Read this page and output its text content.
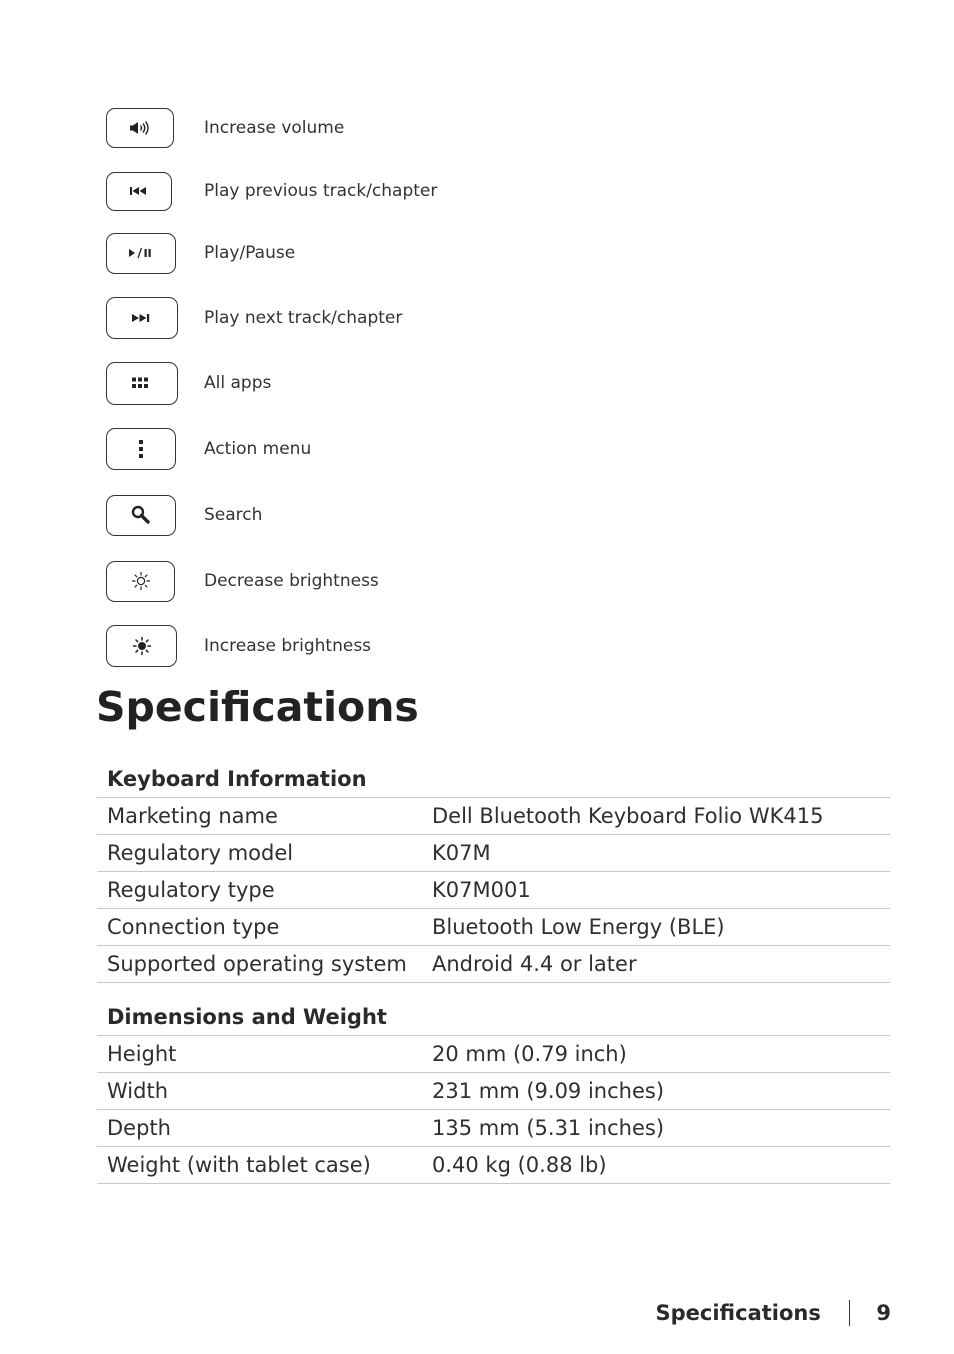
Increase volume
Play previous track/chapter
Play/Pause
Play next track/chapter
All apps
Action menu
Search
Decrease brightness
Increase brightness
Specifications
Keyboard Information
Marketing name	Dell Bluetooth Keyboard Folio WK415
Regulatory model	K07M
Regulatory type	K07M001
Connection type	Bluetooth Low Energy (BLE)
Supported operating system	Android 4.4 or later
Dimensions and Weight
Height	20 mm (0.79 inch)
Width	231 mm (9.09 inches)
Depth	135 mm (5.31 inches)
Weight (with tablet case)	0.40 kg (0.88 lb)
Specifications	9
